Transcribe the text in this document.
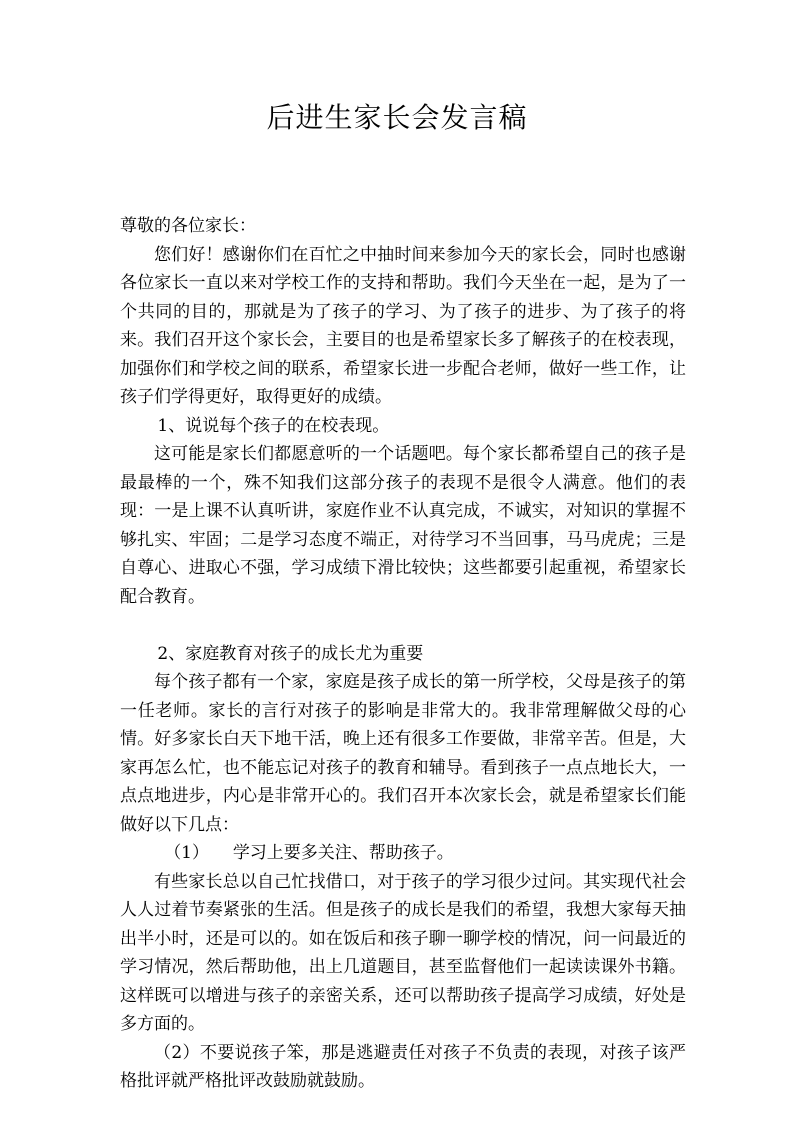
后进生家长会发言稿

尊敬的各位家长：

您们好！感谢你们在百忙之中抽时间来参加今天的家长会，同时也感谢各位家长一直以来对学校工作的支持和帮助。我们今天坐在一起，是为了一个共同的目的，那就是为了孩子的学习、为了孩子的进步、为了孩子的将来。我们召开这个家长会，主要目的也是希望家长多了解孩子的在校表现，加强你们和学校之间的联系，希望家长进一步配合老师，做好一些工作，让孩子们学得更好，取得更好的成绩。

1、说说每个孩子的在校表现。

这可能是家长们都愿意听的一个话题吧。每个家长都希望自己的孩子是最最棒的一个，殊不知我们这部分孩子的表现不是很令人满意。他们的表现：一是上课不认真听讲，家庭作业不认真完成，不诚实，对知识的掌握不够扎实、牢固；二是学习态度不端正，对待学习不当回事，马马虎虎；三是自尊心、进取心不强，学习成绩下滑比较快；这些都要引起重视，希望家长配合教育。

2、家庭教育对孩子的成长尤为重要

每个孩子都有一个家，家庭是孩子成长的第一所学校，父母是孩子的第一任老师。家长的言行对孩子的影响是非常大的。我非常理解做父母的心情。好多家长白天下地干活，晚上还有很多工作要做，非常辛苦。但是，大家再怎么忙，也不能忘记对孩子的教育和辅导。看到孩子一点点地长大，一点点地进步，内心是非常开心的。我们召开本次家长会，就是希望家长们能做好以下几点：

（1） 学习上要多关注、帮助孩子。

有些家长总以自己忙找借口，对于孩子的学习很少过问。其实现代社会人人过着节奏紧张的生活。但是孩子的成长是我们的希望，我想大家每天抽出半小时，还是可以的。如在饭后和孩子聊一聊学校的情况，问一问最近的学习情况，然后帮助他，出上几道题目，甚至监督他们一起读读课外书籍。这样既可以增进与孩子的亲密关系，还可以帮助孩子提高学习成绩，好处是多方面的。

（2）不要说孩子笨，那是逃避责任对孩子不负责的表现，对孩子该严格批评就严格批评改鼓励就鼓励。
